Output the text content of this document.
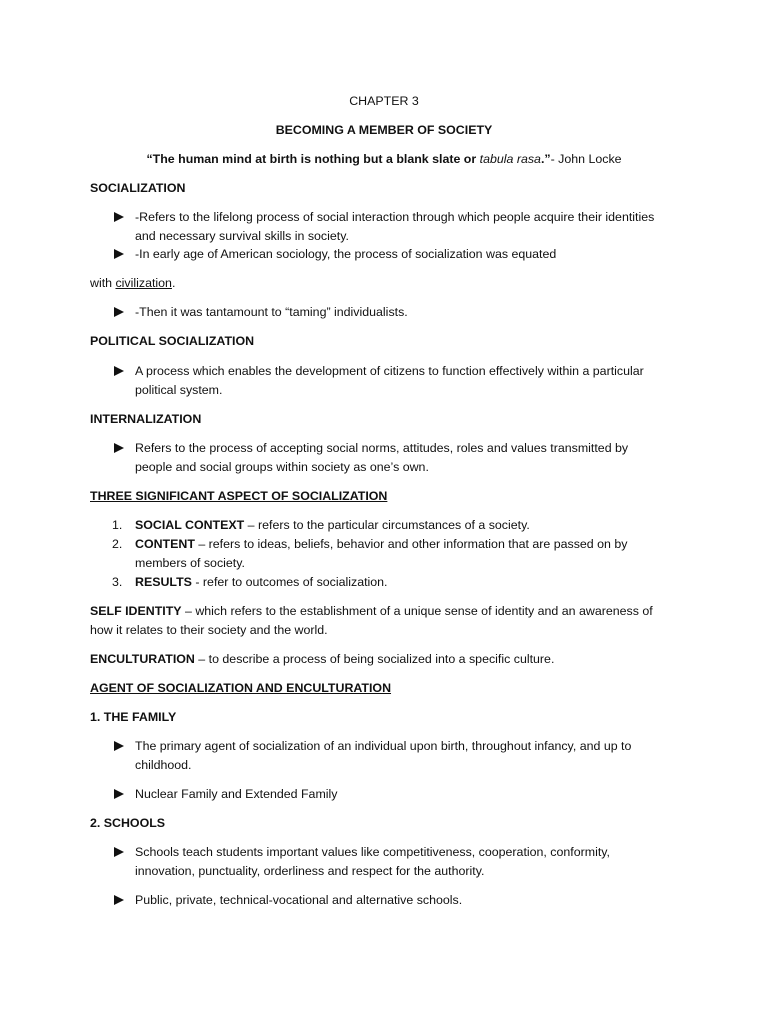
CHAPTER 3
BECOMING A MEMBER OF SOCIETY
“The human mind at birth is nothing but a blank slate or tabula rasa.”- John Locke
SOCIALIZATION
-Refers to the lifelong process of social interaction through which people acquire their identities
and necessary survival skills in society.
-In early age of American sociology, the process of socialization was equated
with civilization.
-Then it was tantamount to “taming” individualists.
POLITICAL SOCIALIZATION
A process which enables the development of citizens to function effectively within a particular
political system.
INTERNALIZATION
Refers to the process of accepting social norms, attitudes, roles and values transmitted by
people and social groups within society as one’s own.
THREE SIGNIFICANT ASPECT OF SOCIALIZATION
1. SOCIAL CONTEXT – refers to the particular circumstances of a society.
2. CONTENT – refers to ideas, beliefs, behavior and other information that are passed on by
members of society.
3. RESULTS - refer to outcomes of socialization.
SELF IDENTITY – which refers to the establishment of a unique sense of identity and an awareness of
how it relates to their society and the world.
ENCULTURATION – to describe a process of being socialized into a specific culture.
AGENT OF SOCIALIZATION AND ENCULTURATION
1. THE FAMILY
The primary agent of socialization of an individual upon birth, throughout infancy, and up to
childhood.
Nuclear Family and Extended Family
2. SCHOOLS
Schools teach students important values like competitiveness, cooperation, conformity,
innovation, punctuality, orderliness and respect for the authority.
Public, private, technical-vocational and alternative schools.
